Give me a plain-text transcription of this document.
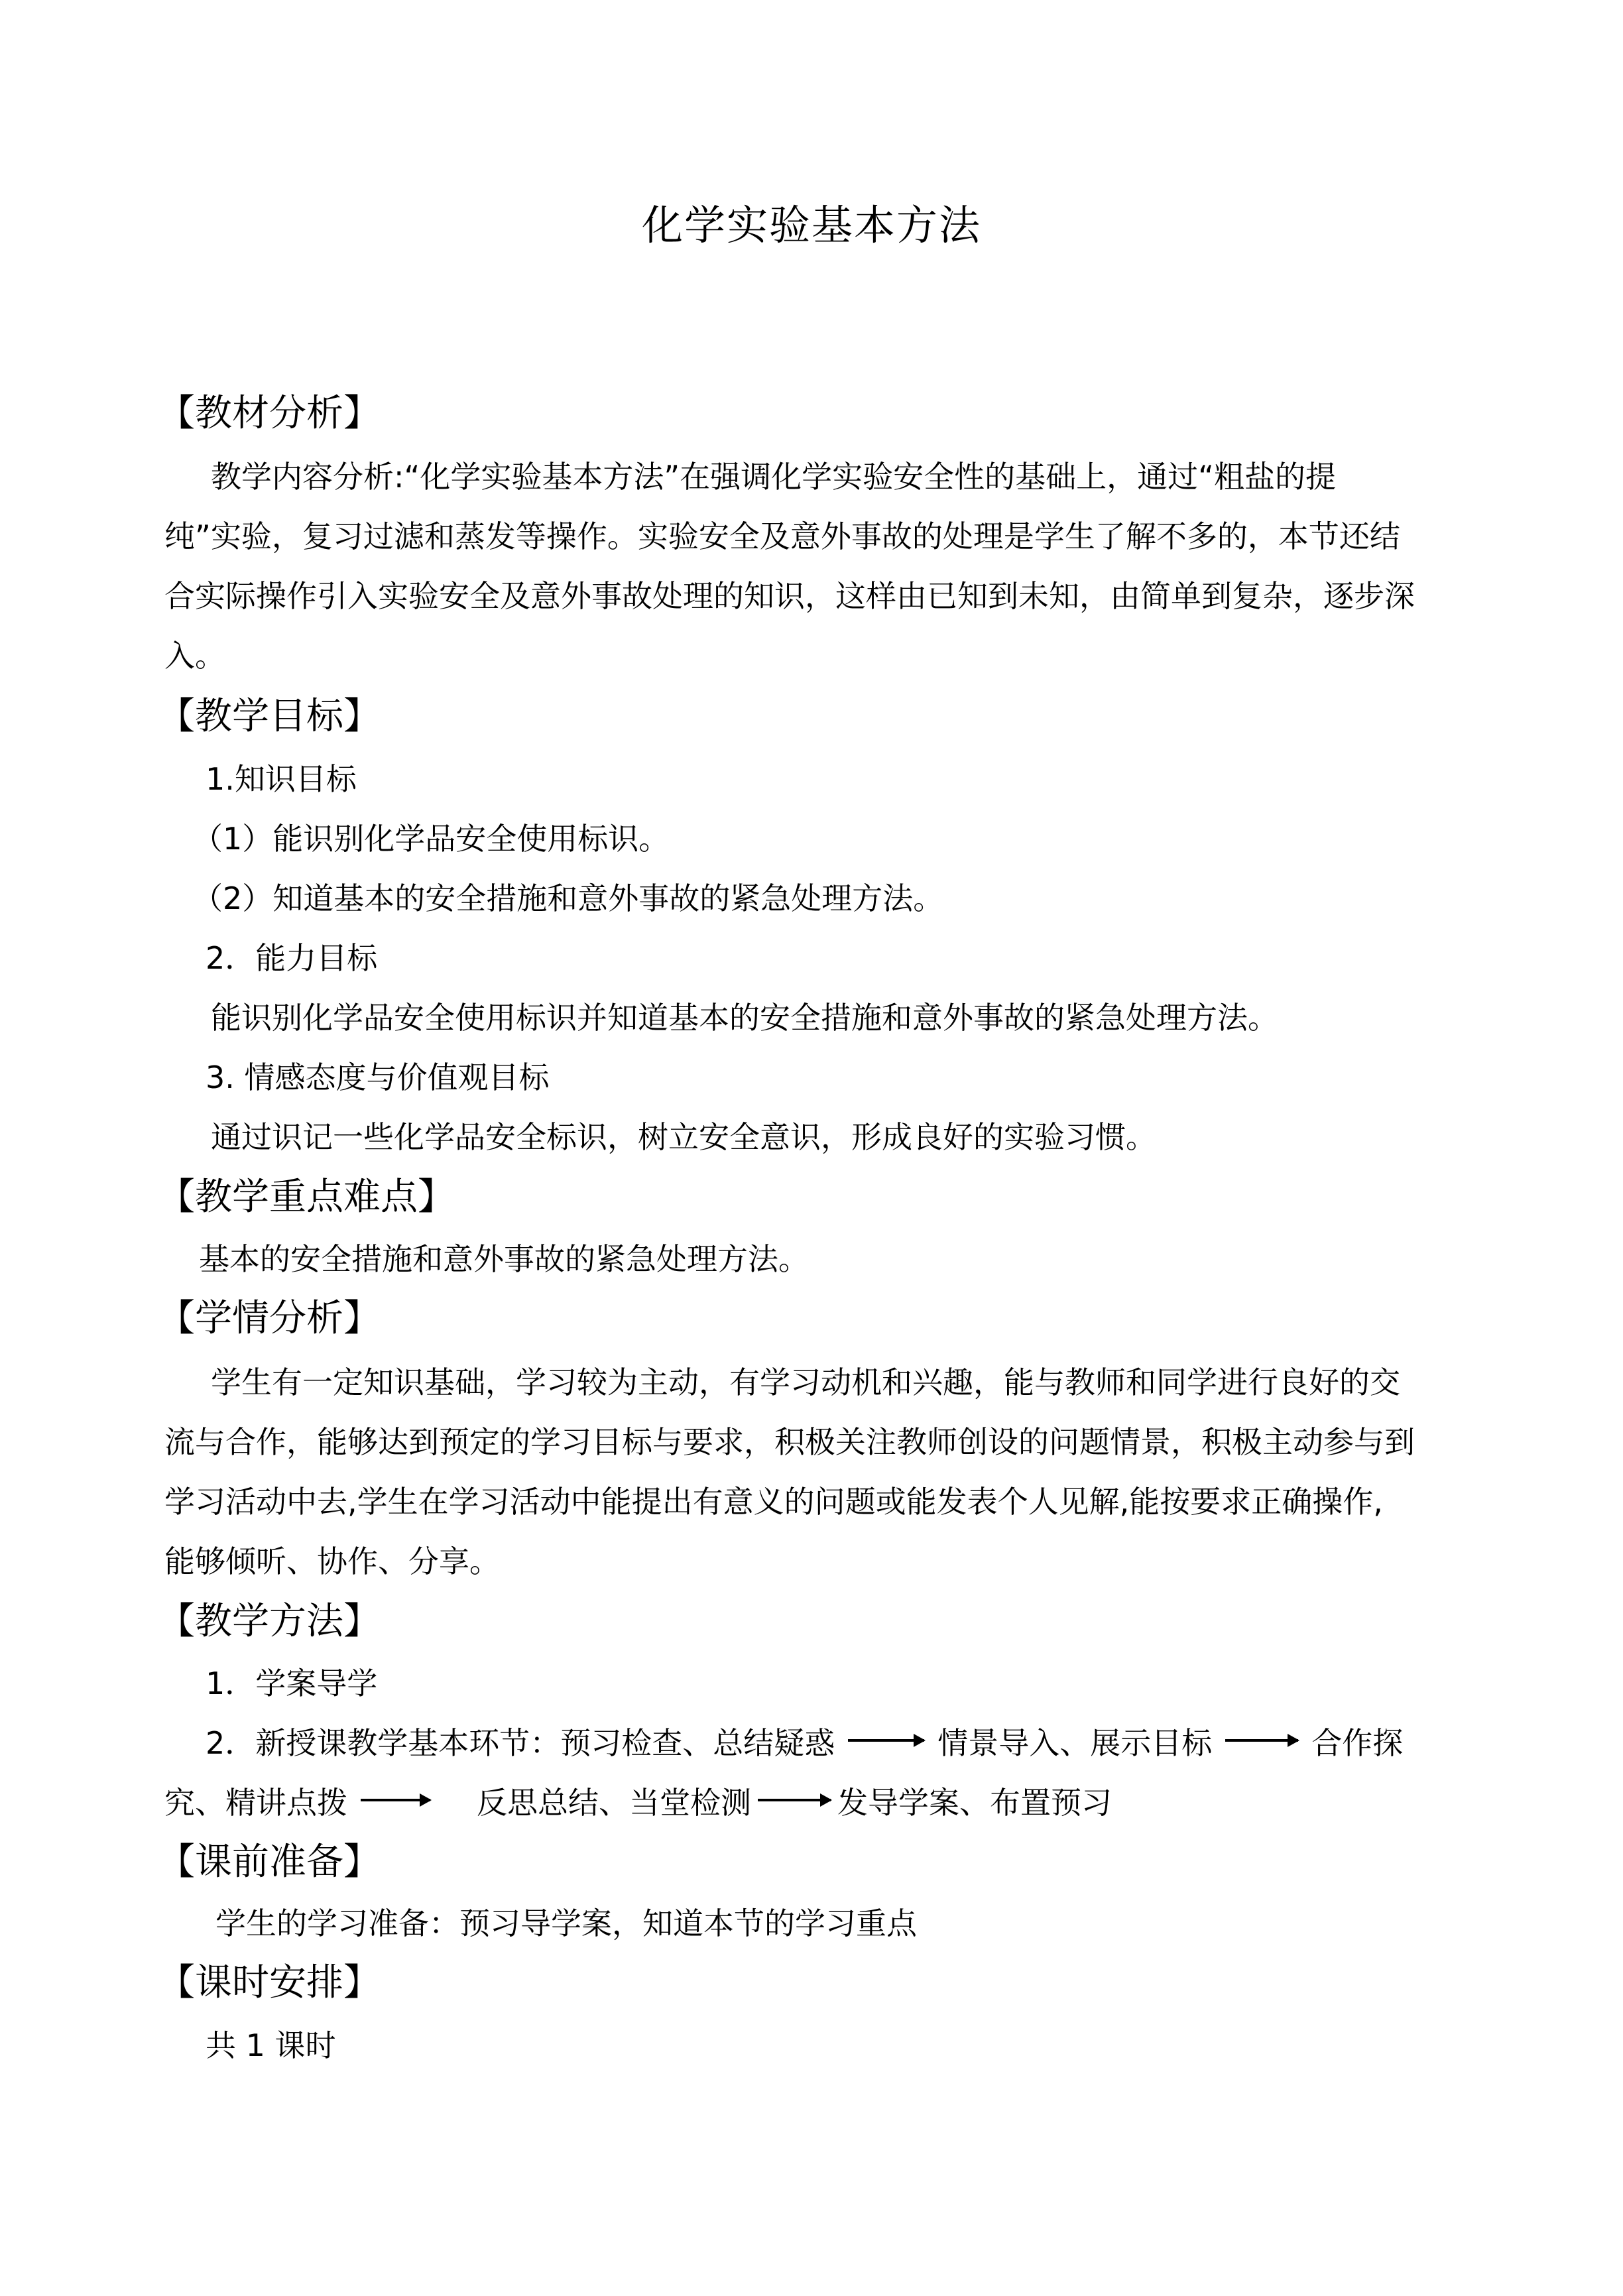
化学实验基本方法
【教材分析】
教学内容分析:“化学实验基本方法”在强调化学实验安全性的基础上，通过“粗盐的提
纯”实验，复习过滤和蒸发等操作。实验安全及意外事故的处理是学生了解不多的，本节还结
合实际操作引入实验安全及意外事故处理的知识，这样由已知到未知，由简单到复杂，逐步深
入。
【教学目标】
1.知识目标
（1）能识别化学品安全使用标识。
（2）知道基本的安全措施和意外事故的紧急处理方法。
2．能力目标
能识别化学品安全使用标识并知道基本的安全措施和意外事故的紧急处理方法。
3. 情感态度与价值观目标
通过识记一些化学品安全标识，树立安全意识，形成良好的实验习惯。
【教学重点难点】
基本的安全措施和意外事故的紧急处理方法。
【学情分析】
学生有一定知识基础，学习较为主动，有学习动机和兴趣，能与教师和同学进行良好的交
流与合作，能够达到预定的学习目标与要求，积极关注教师创设的问题情景，积极主动参与到
学习活动中去,学生在学习活动中能提出有意义的问题或能发表个人见解,能按要求正确操作,
能够倾听、协作、分享。
【教学方法】
1．学案导学
2．新授课教学基本环节：预习检查、总结疑惑	情景导入、展示目标	合作探
究、精讲点拨	反思总结、当堂检测	发导学案、布置预习
【课前准备】
学生的学习准备：预习导学案，知道本节的学习重点
【课时安排】
共 1 课时
